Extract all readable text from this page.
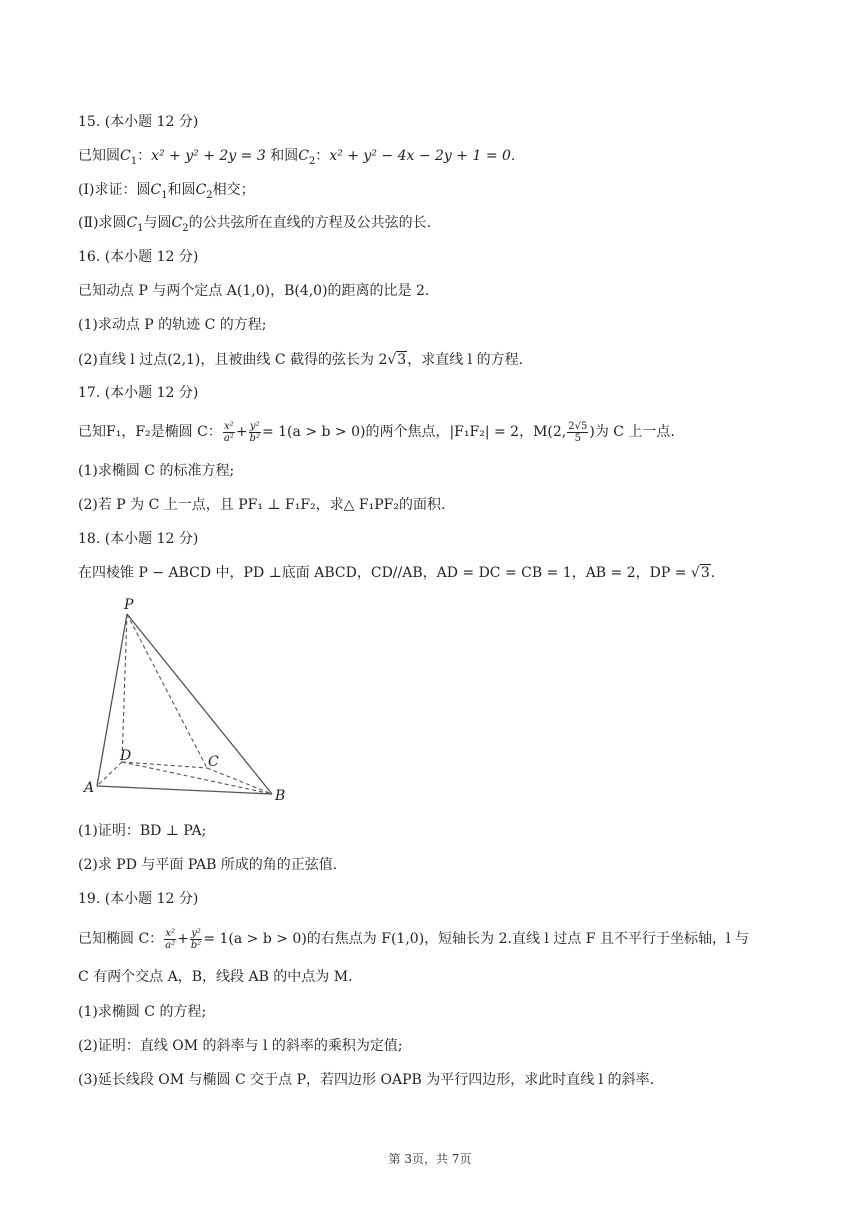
15. (本小题 12 分)
已知圆$C_1$：x² + y² + 2y = 3 和圆$C_2$：x² + y² − 4x − 2y + 1 = 0.
(Ⅰ)求证：圆$C_1$和圆$C_2$相交；
(Ⅱ)求圆$C_1$与圆$C_2$的公共弦所在直线的方程及公共弦的长.
16. (本小题 12 分)
已知动点 P 与两个定点 A(1,0)，B(4,0)的距离的比是 2.
(1)求动点 P 的轨迹 C 的方程;
(2)直线 l 过点(2,1)，且被曲线 C 截得的弦长为 2√3，求直线 l 的方程.
17. (本小题 12 分)
已知F₁，F₂是椭圆 C： $\frac{\text{x²}}{\text{a²}} + \frac{\text{y²}}{\text{b²}} = 1(a > b > 0)$的两个焦点，|F₁F₂| = 2，M(2, $\frac{2√5}{5}$ )为 C 上一点.
(1)求椭圆 C 的标准方程;
(2)若 P 为 C 上一点，且 PF₁ ⊥ F₁F₂，求△ F₁PF₂的面积.
18. (本小题 12 分)
在四棱锥 P − ABCD 中，PD ⊥底面 ABCD，CD//AB，AD = DC = CB = 1，AB = 2，DP = √3.
P
D	C
A	B
(1)证明：BD ⊥ PA;
(2)求 PD 与平面 PAB 所成的角的正弦值.
19. (本小题 12 分)
已知椭圆 C： $\frac{\text{x²}}{\text{a²}} + \frac{\text{y²}}{\text{b²}} = 1(a > b > 0)$的右焦点为 F(1,0)，短轴长为 2.直线 l 过点 F 且不平行于坐标轴，l 与
C 有两个交点 A，B，线段 AB 的中点为 M.
(1)求椭圆 C 的方程;
(2)证明：直线 OM 的斜率与 l 的斜率的乘积为定值;
(3)延长线段 OM 与椭圆 C 交于点 P，若四边形 OAPB 为平行四边形，求此时直线 l 的斜率.
第 3页，共 7页
